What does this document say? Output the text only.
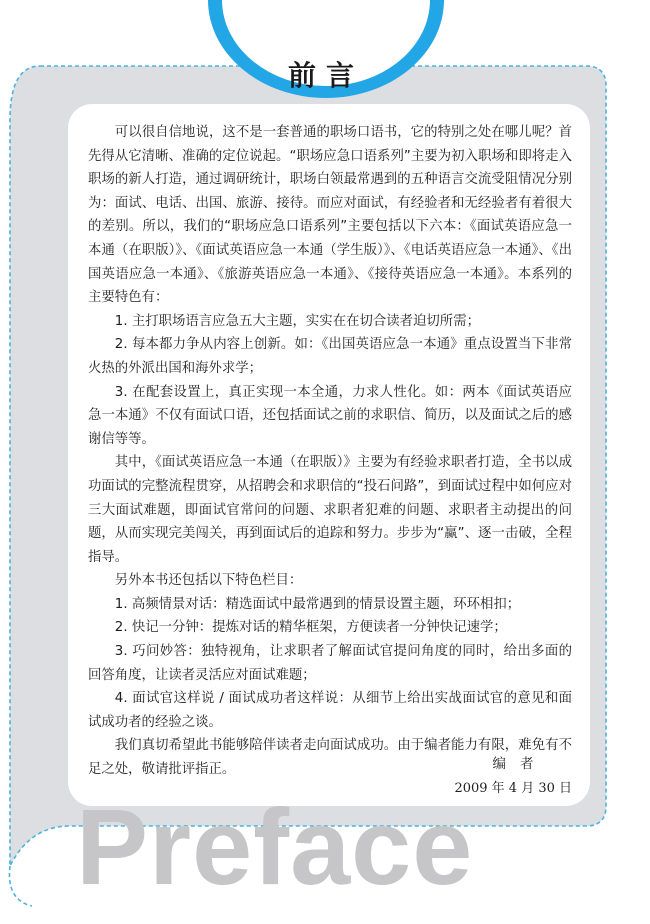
前言

可以很自信地说，这不是一套普通的职场口语书，它的特别之处在哪儿呢？首先得从它清晰、准确的定位说起。“职场应急口语系列”主要为初入职场和即将走入职场的新人打造，通过调研统计，职场白领最常遇到的五种语言交流受阻情况分别为：面试、电话、出国、旅游、接待。而应对面试，有经验者和无经验者有着很大的差别。所以，我们的“职场应急口语系列”主要包括以下六本：《面试英语应急一本通（在职版）》、《面试英语应急一本通（学生版）》、《电话英语应急一本通》、《出国英语应急一本通》、《旅游英语应急一本通》、《接待英语应急一本通》。本系列的主要特色有：

1. 主打职场语言应急五大主题，实实在在切合读者迫切所需；

2. 每本都力争从内容上创新。如：《出国英语应急一本通》重点设置当下非常火热的外派出国和海外求学；

3. 在配套设置上，真正实现一本全通，力求人性化。如：两本《面试英语应急一本通》不仅有面试口语，还包括面试之前的求职信、简历，以及面试之后的感谢信等等。

其中，《面试英语应急一本通（在职版）》主要为有经验求职者打造，全书以成功面试的完整流程贯穿，从招聘会和求职信的“投石问路”，到面试过程中如何应对三大面试难题，即面试官常问的问题、求职者犯难的问题、求职者主动提出的问题，从而实现完美闯关，再到面试后的追踪和努力。步步为“赢”、逐一击破，全程指导。

另外本书还包括以下特色栏目：

1. 高频情景对话：精选面试中最常遇到的情景设置主题，环环相扣；

2. 快记一分钟：提炼对话的精华框架，方便读者一分钟快记速学；

3. 巧问妙答：独特视角，让求职者了解面试官提问角度的同时，给出多面的回答角度，让读者灵活应对面试难题；

4. 面试官这样说 / 面试成功者这样说：从细节上给出实战面试官的意见和面试成功者的经验之谈。

我们真切希望此书能够陪伴读者走向面试成功。由于编者能力有限，难免有不足之处，敬请批评指正。	编者
2009 年 4 月 30 日
Preface
